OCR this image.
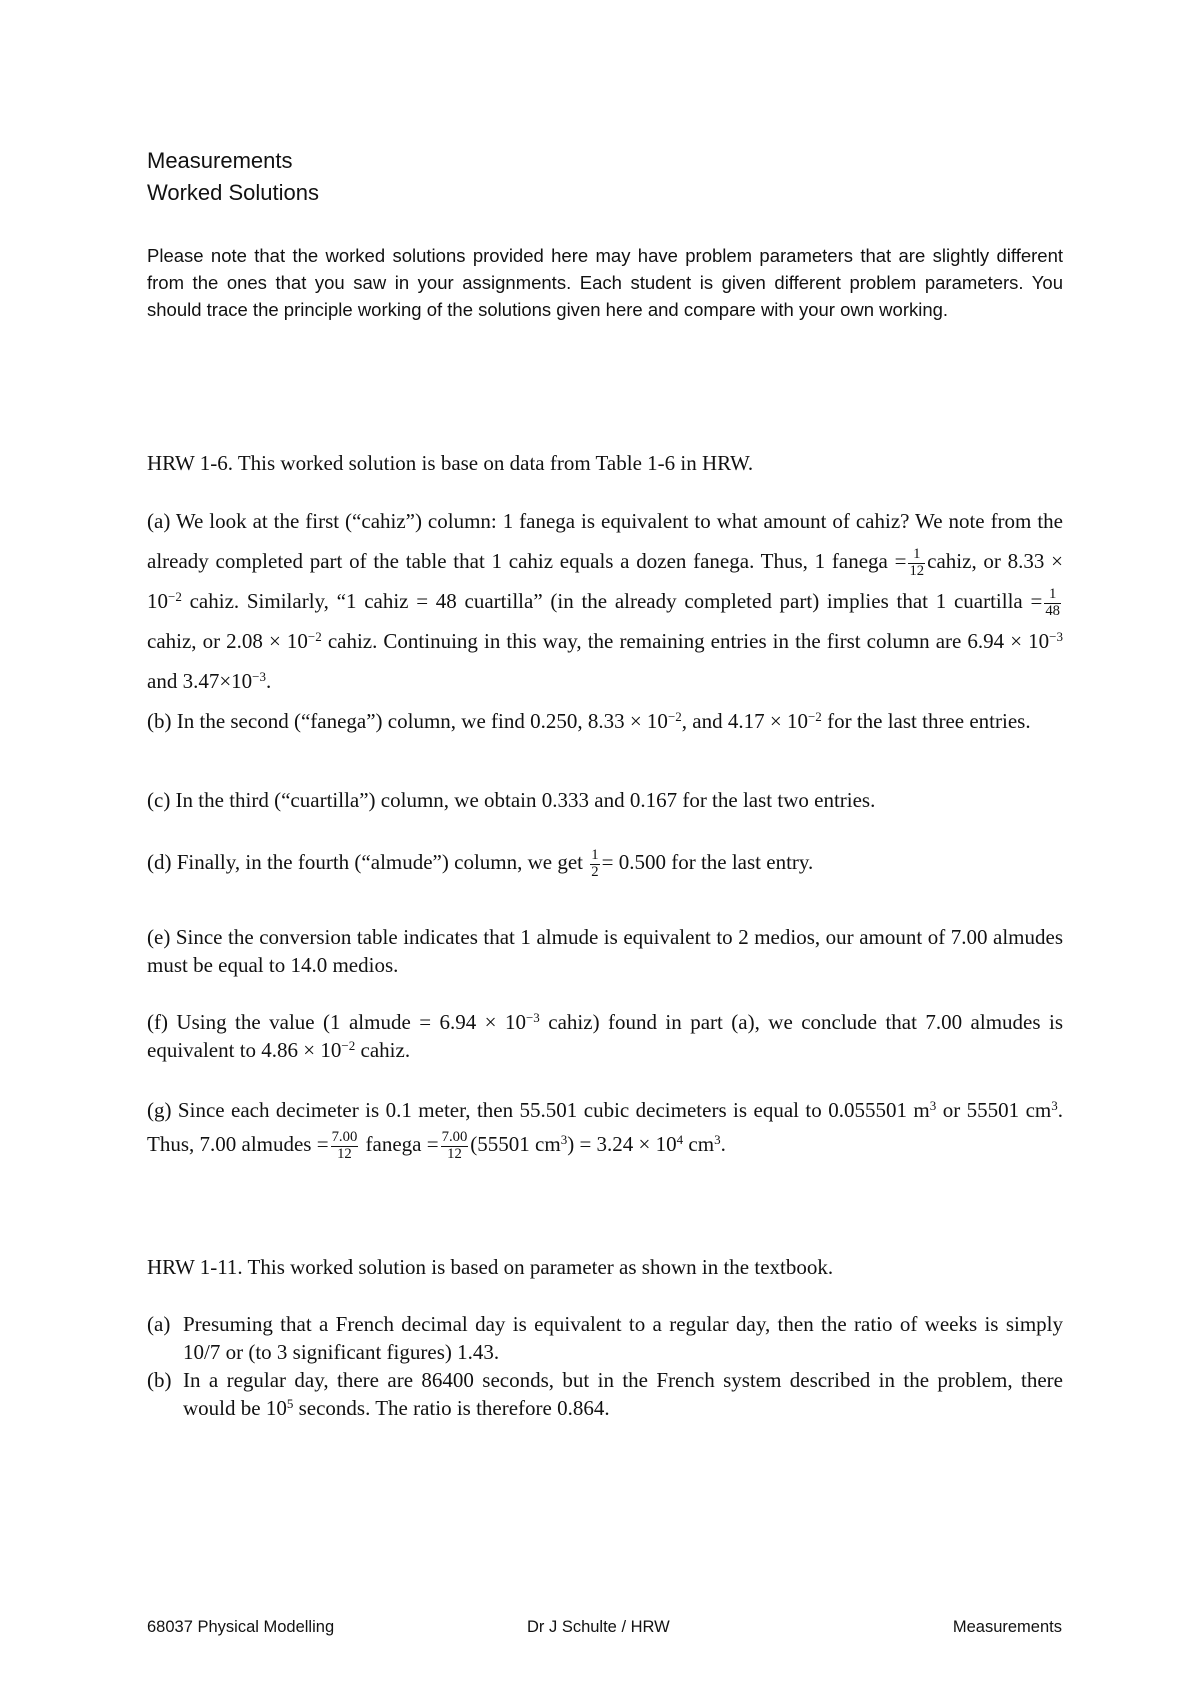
Measurements
Worked Solutions
Please note that the worked solutions provided here may have problem parameters that are slightly different from the ones that you saw in your assignments. Each student is given different problem parameters. You should trace the principle working of the solutions given here and compare with your own working.
HRW 1-6. This worked solution is base on data from Table 1-6 in HRW.

(a) We look at the first (“cahiz”) column: 1 fanega is equivalent to what amount of cahiz? We note from the already completed part of the table that 1 cahiz equals a dozen fanega. Thus, 1 fanega = $\frac{1}{12}$ cahiz, or $8.33 \times 10^{-2}$ cahiz. Similarly, “1 cahiz = 48 cuartilla” (in the already completed part) implies that 1 cuartilla = $\frac{1}{48}$
cahiz, or $2.08 \times 10^{-2}$ cahiz. Continuing in this way, the remaining entries in the first column are $6.94 \times 10^{-3}$ and $3.47\times 10^{-3}$.

(b) In the second (“fanega”) column, we find 0.250, $8.33 \times 10^{-2}$, and $4.17 \times 10^{-2}$ for the last three entries.

(c) In the third (“cuartilla”) column, we obtain 0.333 and 0.167 for the last two entries.

(d) Finally, in the fourth (“almude”) column, we get $\frac{1}{2} = 0.500$ for the last entry.

(e) Since the conversion table indicates that 1 almude is equivalent to 2 medios, our amount of 7.00 almudes must be equal to 14.0 medios.

(f) Using the value (1 almude = $6.94 \times 10^{-3}$ cahiz) found in part (a), we conclude that 7.00 almudes is equivalent to $4.86 \times 10^{-2}$ cahiz.

(g) Since each decimeter is 0.1 meter, then 55.501 cubic decimeters is equal to 0.055501 $m^3$ or 55501 $cm^3$. Thus, 7.00 almudes = $\frac{7.00}{12}$ fanega = $\frac{7.00}{12} (55501$ $cm^3) = 3.24 \times 10^4$ $cm^3$.

HRW 1-11. This worked solution is based on parameter as shown in the textbook.
(a) Presuming that a French decimal day is equivalent to a regular day, then the ratio of weeks is simply 10/7 or (to 3 significant figures) 1.43.
(b) In a regular day, there are 86400 seconds, but in the French system described in the problem, there would be $10^5$ seconds. The ratio is therefore 0.864.
68037 Physical Modelling	Dr J Schulte / HRW	Measurements
